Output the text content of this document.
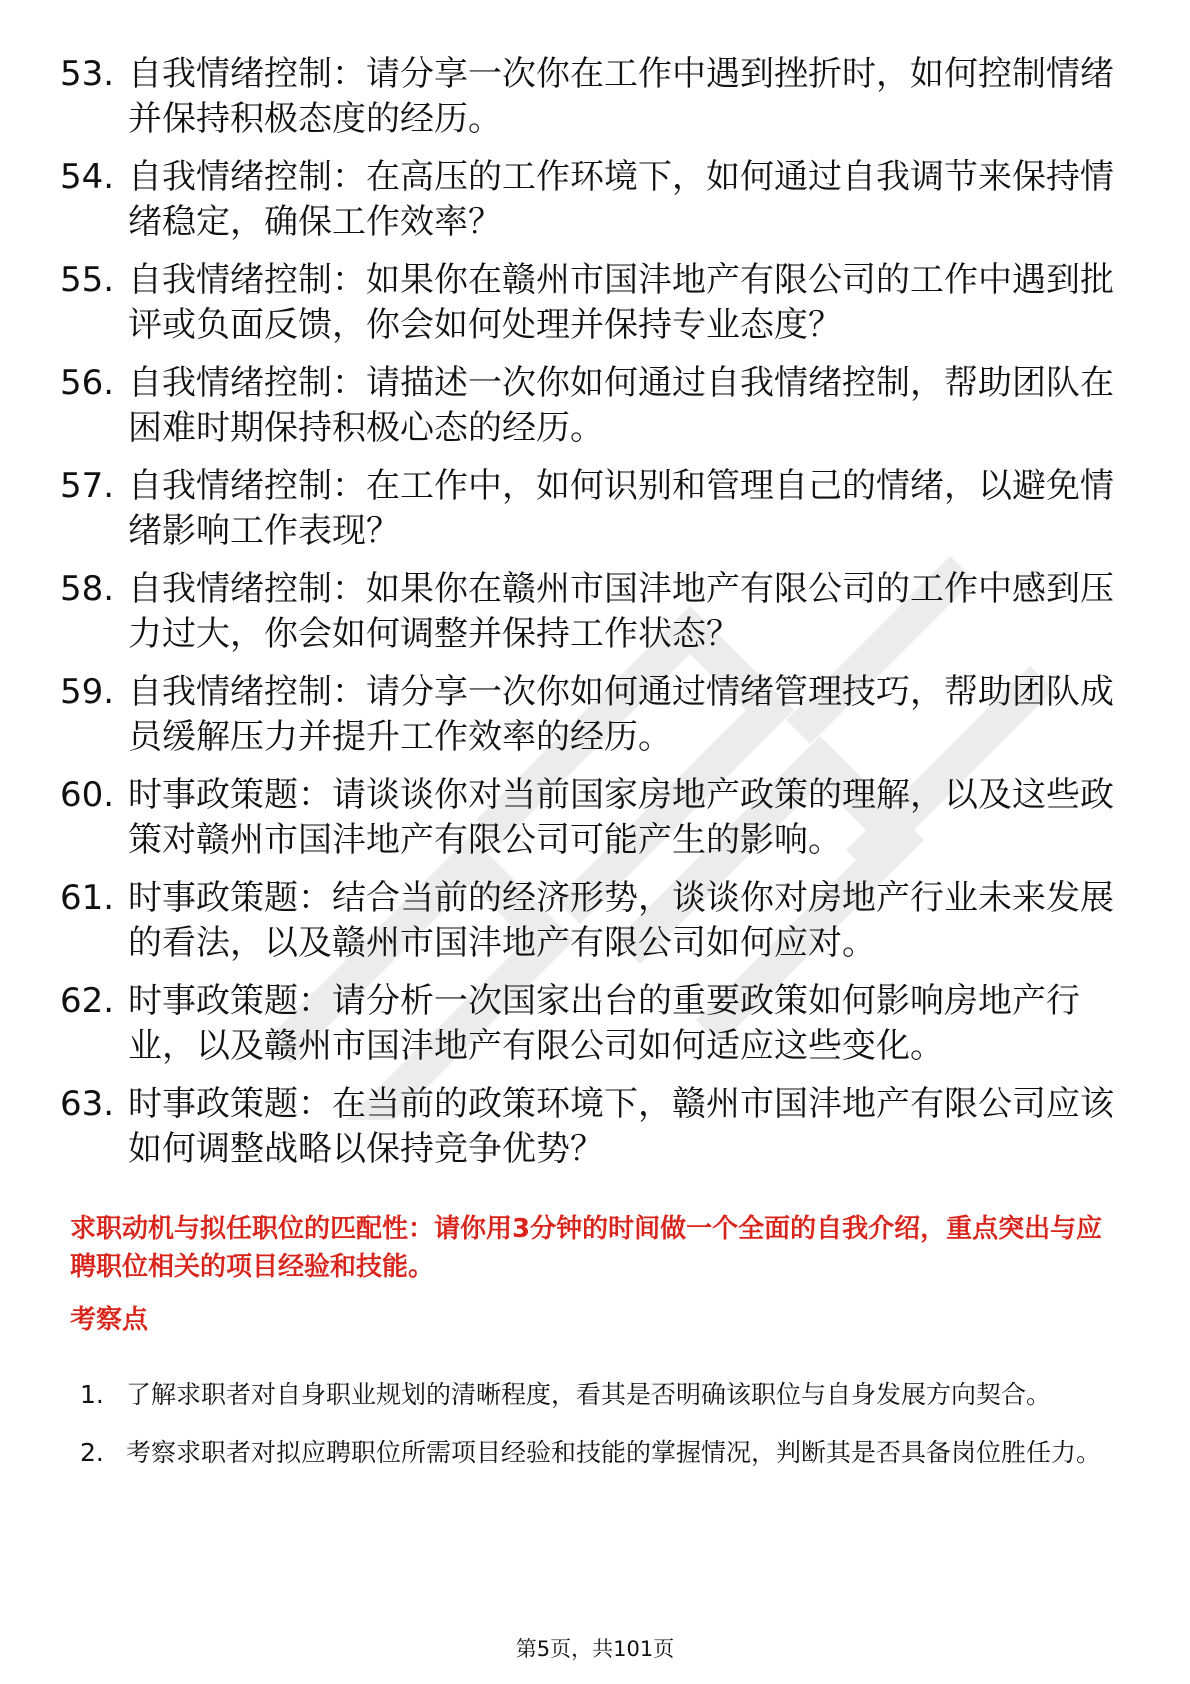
53. 自我情绪控制：请分享一次你在工作中遇到挫折时，如何控制情绪并保持积极态度的经历。
54. 自我情绪控制：在高压的工作环境下，如何通过自我调节来保持情绪稳定，确保工作效率？
55. 自我情绪控制：如果你在赣州市国沣地产有限公司的工作中遇到批评或负面反馈，你会如何处理并保持专业态度？
56. 自我情绪控制：请描述一次你如何通过自我情绪控制，帮助团队在困难时期保持积极心态的经历。
57. 自我情绪控制：在工作中，如何识别和管理自己的情绪，以避免情绪影响工作表现？
58. 自我情绪控制：如果你在赣州市国沣地产有限公司的工作中感到压力过大，你会如何调整并保持工作状态？
59. 自我情绪控制：请分享一次你如何通过情绪管理技巧，帮助团队成员缓解压力并提升工作效率的经历。
60. 时事政策题：请谈谈你对当前国家房地产政策的理解，以及这些政策对赣州市国沣地产有限公司可能产生的影响。
61. 时事政策题：结合当前的经济形势，谈谈你对房地产行业未来发展的看法，以及赣州市国沣地产有限公司如何应对。
62. 时事政策题：请分析一次国家出台的重要政策如何影响房地产行业，以及赣州市国沣地产有限公司如何适应这些变化。
63. 时事政策题：在当前的政策环境下，赣州市国沣地产有限公司应该如何调整战略以保持竞争优势？
求职动机与拟任职位的匹配性：请你用3分钟的时间做一个全面的自我介绍，重点突出与应聘职位相关的项目经验和技能。
考察点
1. 了解求职者对自身职业规划的清晰程度，看其是否明确该职位与自身发展方向契合。
2. 考察求职者对拟应聘职位所需项目经验和技能的掌握情况，判断其是否具备岗位胜任力。
第5页，共101页
